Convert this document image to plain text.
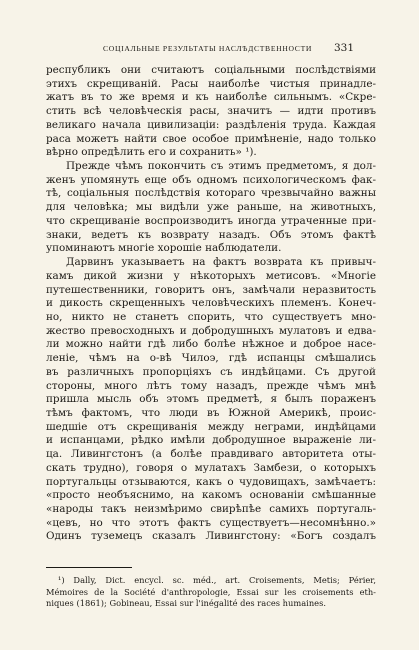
СОЦІАЛЬНЫЕ РЕЗУЛЬТАТЫ НАСЛѢДСТВЕННОСТИ 331
республикъ они считаютъ соціальными послѣдствіями
этихъ скрещиваній. Расы наиболѣе чистыя принадле-
жатъ въ то же время и къ наиболѣе сильнымъ. «Скре-
стить всѣ человѣческія расы, значитъ — идти противъ
великаго начала цивилизаціи: раздѣленія труда. Каждая
раса можетъ найти свое особое примѣненіе, надо только
вѣрно опредѣлить его и сохранить» ¹).
Прежде чѣмъ покончить съ этимъ предметомъ, я дол-
женъ упомянуть еще объ одномъ психологическомъ фак-
тѣ, соціальныя послѣдствія котораго чрезвычайно важны
для человѣка; мы видѣли уже раньше, на животныхъ,
что скрещиваніе воспроизводитъ иногда утраченные при-
знаки, ведетъ къ возврату назадъ. Объ этомъ фактѣ
упоминаютъ многіе хорошіе наблюдатели.
Дарвинъ указываетъ на фактъ возврата къ привыч-
камъ дикой жизни у нѣкоторыхъ метисовъ. «Многіе
путешественники, говоритъ онъ, замѣчали неразвитость
и дикость скрещенныхъ человѣческихъ племенъ. Конеч-
но, никто не станетъ спорить, что существуетъ мно-
жество превосходныхъ и добродушныхъ мулатовъ и едва-
ли можно найти гдѣ либо болѣе нѣжное и доброе насе-
леніе, чѣмъ на о-вѣ Чилоэ, гдѣ испанцы смѣшались
въ различныхъ пропорціяхъ съ индѣйцами. Съ другой
стороны, много лѣтъ тому назадъ, прежде чѣмъ мнѣ
пришла мысль объ этомъ предметѣ, я былъ пораженъ
тѣмъ фактомъ, что люди въ Южной Америкѣ, проис-
шедшіе отъ скрещиванія между неграми, индѣйцами
и испанцами, рѣдко имѣли добродушное выраженіе ли-
ца. Ливингстонъ (а болѣе правдиваго авторитета оты-
скать трудно), говоря о мулатахъ Замбези, о которыхъ
португальцы отзываются, какъ о чудовищахъ, замѣчаетъ:
«просто необъяснимо, на какомъ основаніи смѣшанные
«народы такъ неизмѣримо свирѣпѣе самихъ португаль-
«цевъ, но что этотъ фактъ существуетъ—несомнѣнно.»
Одинъ туземецъ сказалъ Ливингстону: «Богъ создалъ
¹) Dally, Dict. encycl. sc. méd., art. Croisements, Metis; Périer,
Mémoires de la Société d'anthropologie, Essai sur les croisements eth-
niques (1861); Gobineau, Essai sur l'inégalité des races humaines.
